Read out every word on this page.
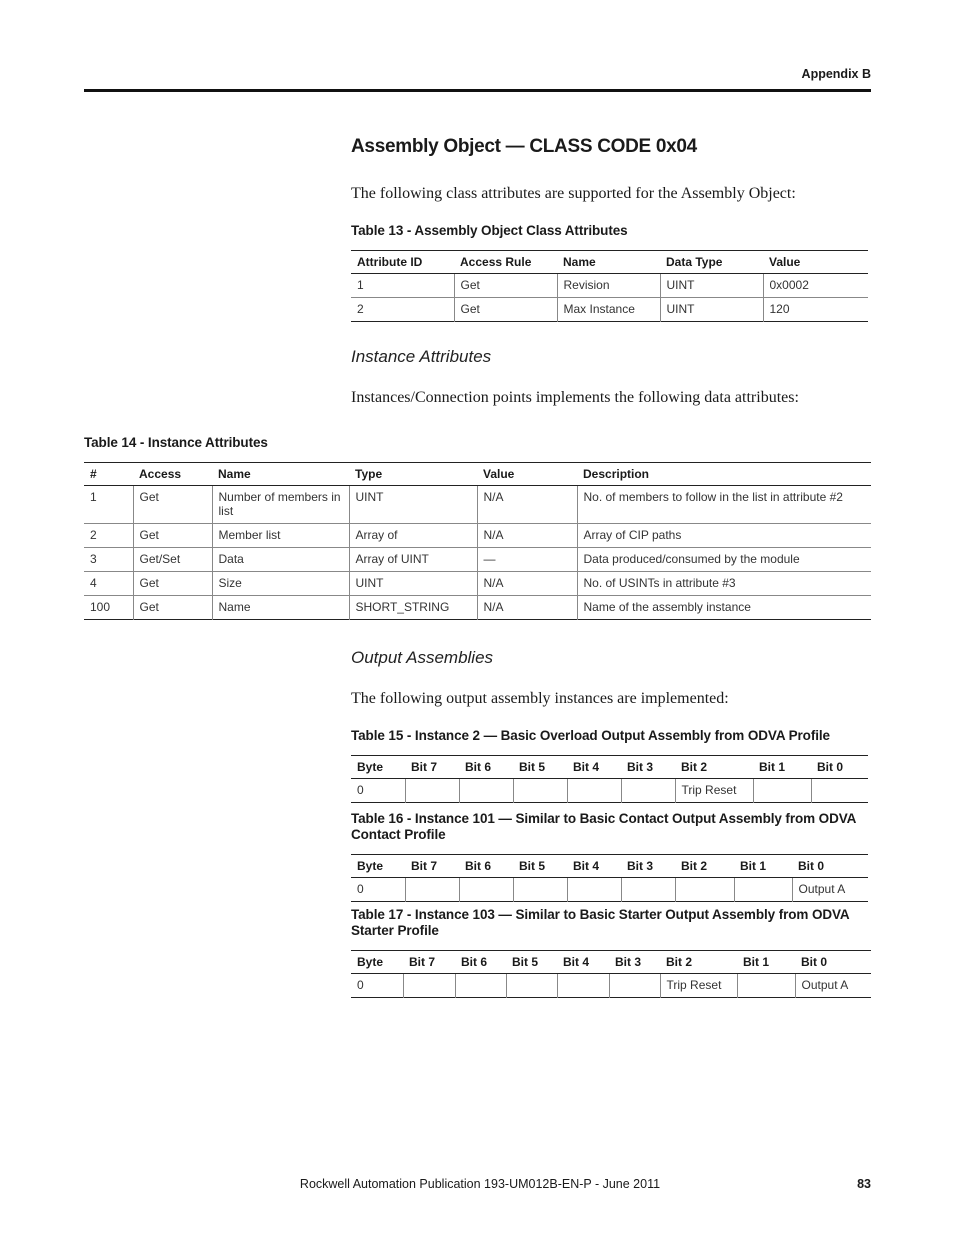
Appendix B
Assembly Object — CLASS CODE 0x04
The following class attributes are supported for the Assembly Object:
Table 13 - Assembly Object Class Attributes
Attribute ID	Access Rule	Name	Data Type	Value
1	Get	Revision	UINT	0x0002
2	Get	Max Instance	UINT	120
Instance Attributes
Instances/Connection points implements the following data attributes:
Table 14 - Instance Attributes
#	Access	Name	Type	Value	Description
1	Get	Number of members in list	UINT	N/A	No. of members to follow in the list in attribute #2
2	Get	Member list	Array of	N/A	Array of CIP paths
3	Get/Set	Data	Array of UINT	—	Data produced/consumed by the module
4	Get	Size	UINT	N/A	No. of USINTs in attribute #3
100	Get	Name	SHORT_STRING	N/A	Name of the assembly instance
Output Assemblies
The following output assembly instances are implemented:
Table 15 - Instance 2 — Basic Overload Output Assembly from ODVA Profile
Byte	Bit 7	Bit 6	Bit 5	Bit 4	Bit 3	Bit 2	Bit 1	Bit 0
0						Trip Reset		
Table 16 - Instance 101 — Similar to Basic Contact Output Assembly from ODVA
Contact Profile
Byte	Bit 7	Bit 6	Bit 5	Bit 4	Bit 3	Bit 2	Bit 1	Bit 0
0								Output A
Table 17 - Instance 103 — Similar to Basic Starter Output Assembly from ODVA
Starter Profile
Byte	Bit 7	Bit 6	Bit 5	Bit 4	Bit 3	Bit 2	Bit 1	Bit 0
0						Trip Reset		Output A
Rockwell Automation Publication 193-UM012B-EN-P - June 2011	83
